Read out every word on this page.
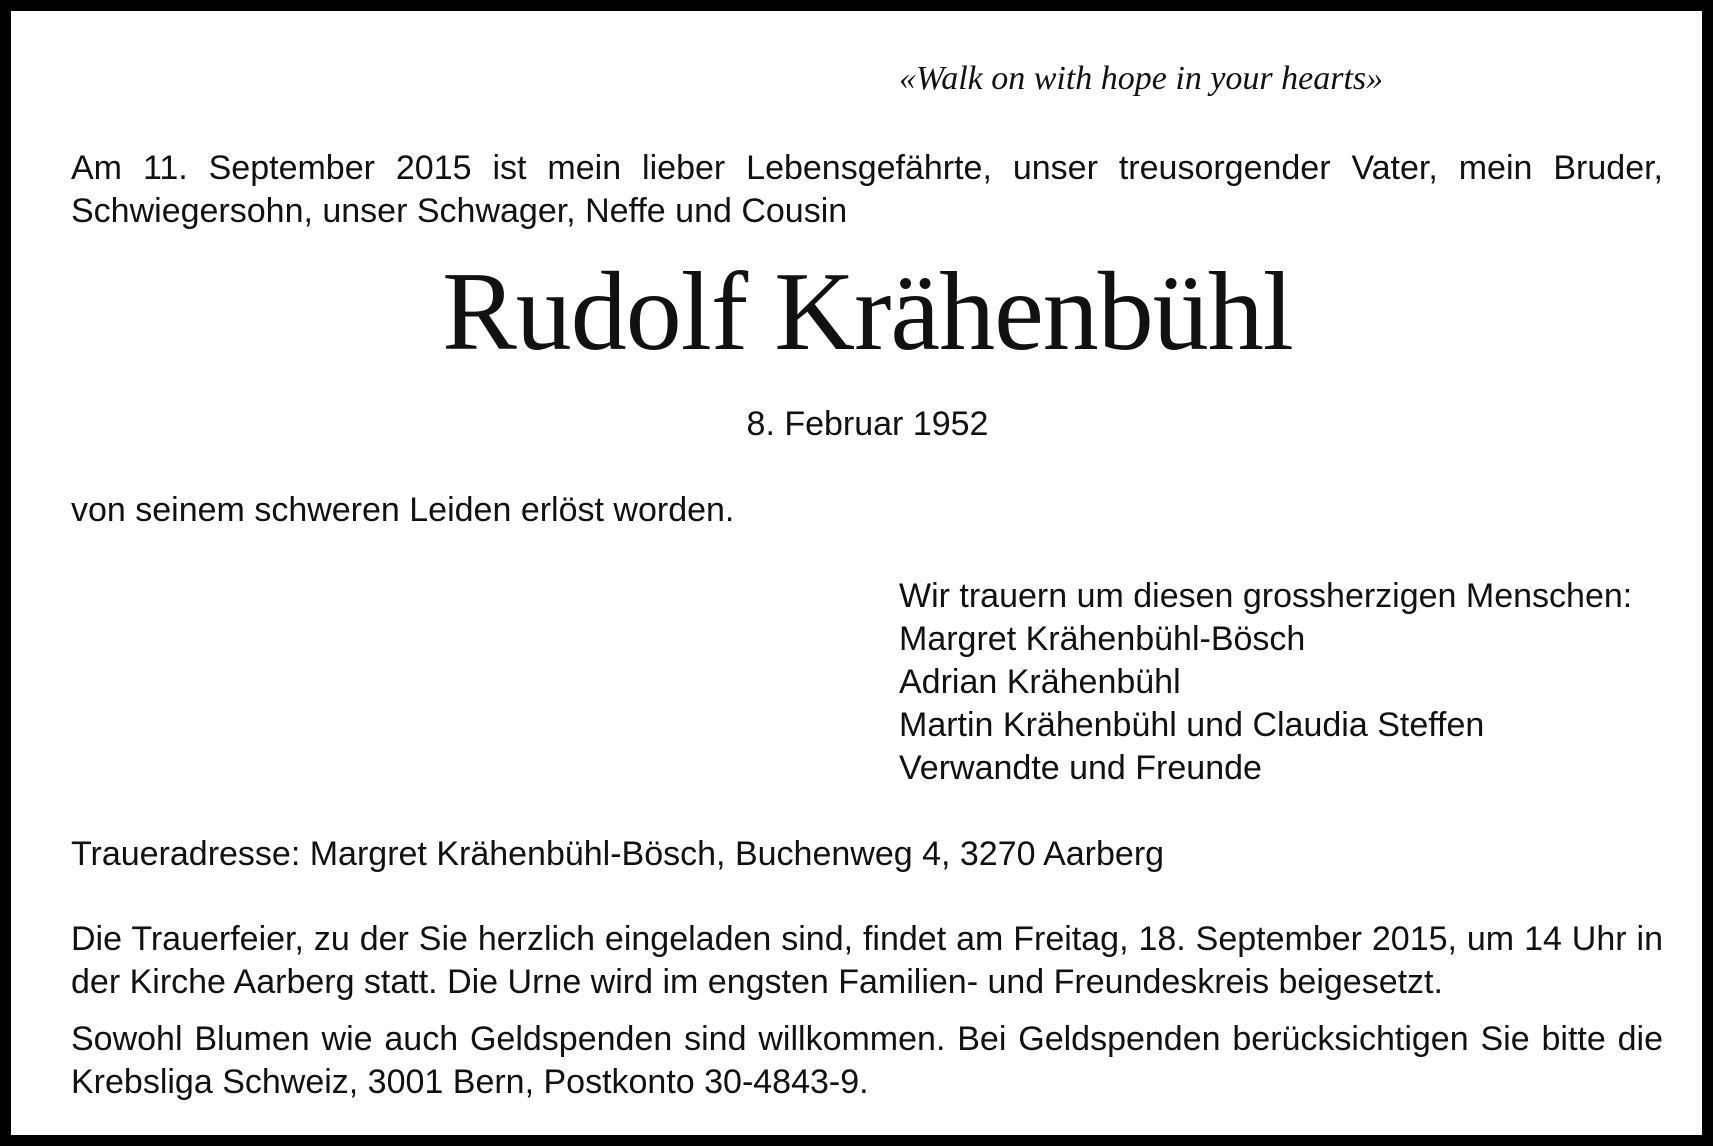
«Walk on with hope in your hearts»

Am 11. September 2015 ist mein lieber Lebensgefährte, unser treusorgender Vater, mein Bruder, Schwiegersohn, unser Schwager, Neffe und Cousin

Rudolf Krähenbühl

8. Februar 1952

von seinem schweren Leiden erlöst worden.

Wir trauern um diesen grossherzigen Menschen:
Margret Krähenbühl-Bösch
Adrian Krähenbühl
Martin Krähenbühl und Claudia Steffen
Verwandte und Freunde

Traueradresse: Margret Krähenbühl-Bösch, Buchenweg 4, 3270 Aarberg

Die Trauerfeier, zu der Sie herzlich eingeladen sind, findet am Freitag, 18. September 2015, um 14 Uhr in der Kirche Aarberg statt. Die Urne wird im engsten Familien- und Freundeskreis beigesetzt.

Sowohl Blumen wie auch Geldspenden sind willkommen. Bei Geldspenden berücksichtigen Sie bitte die Krebsliga Schweiz, 3001 Bern, Postkonto 30-4843-9.
